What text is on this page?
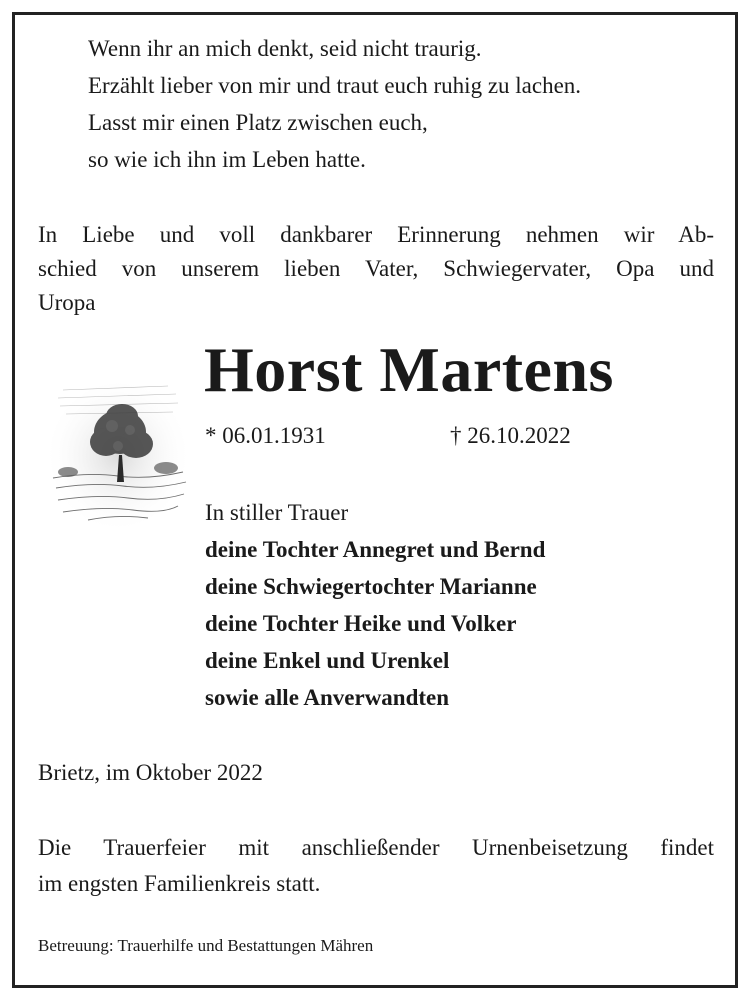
Wenn ihr an mich denkt, seid nicht traurig.
Erzählt lieber von mir und traut euch ruhig zu lachen.
Lasst mir einen Platz zwischen euch,
so wie ich ihn im Leben hatte.
In Liebe und voll dankbarer Erinnerung nehmen wir Ab-
schied von unserem lieben Vater, Schwiegervater, Opa und
Uropa
Horst Martens
* 06.01.1931	† 26.10.2022
In stiller Trauer
deine Tochter Annegret und Bernd
deine Schwiegertochter Marianne
deine Tochter Heike und Volker
deine Enkel und Urenkel
sowie alle Anverwandten
Brietz, im Oktober 2022
Die Trauerfeier mit anschließender Urnenbeisetzung findet
im engsten Familienkreis statt.
Betreuung: Trauerhilfe und Bestattungen Mähren
